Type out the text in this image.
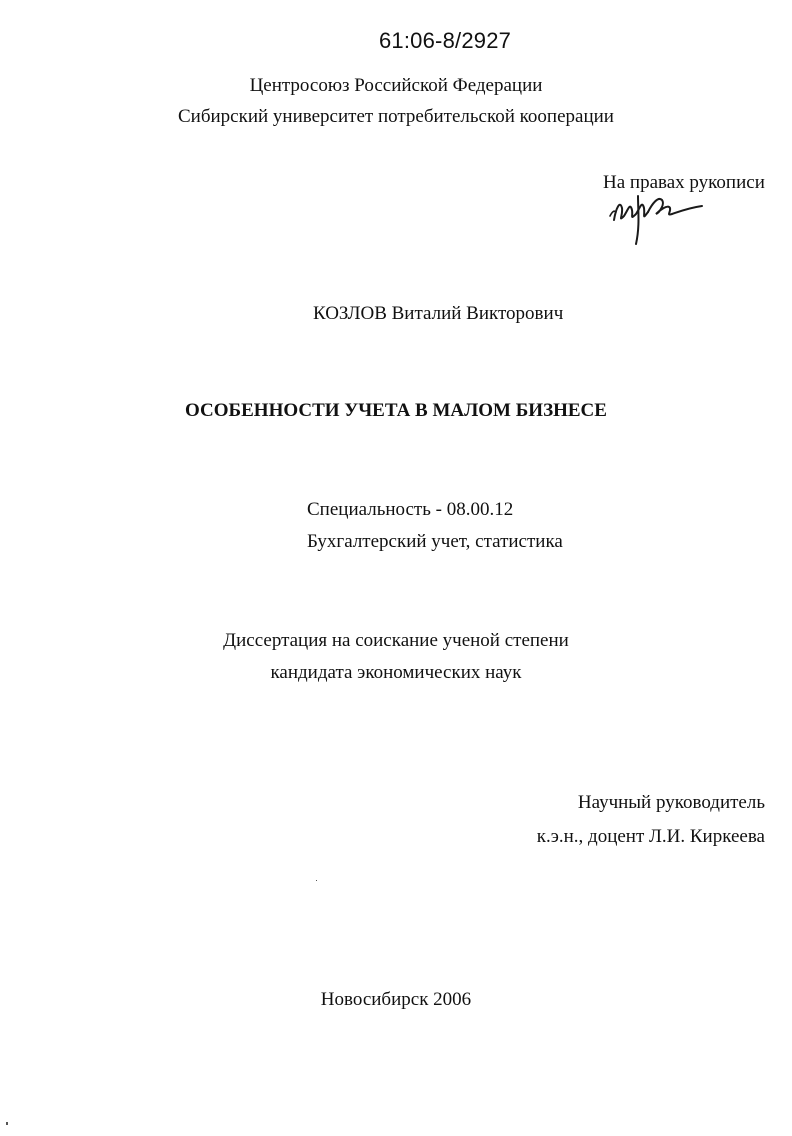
61:06-8/2927
Центросоюз Российской Федерации
Сибирский университет потребительской кооперации
На правах рукописи
КОЗЛОВ Виталий Викторович
ОСОБЕННОСТИ УЧЕТА В МАЛОМ БИЗНЕСЕ
Специальность - 08.00.12
Бухгалтерский учет, статистика
Диссертация на соискание ученой степени
кандидата экономических наук
Научный руководитель
к.э.н., доцент Л.И. Киркеева
Новосибирск 2006
